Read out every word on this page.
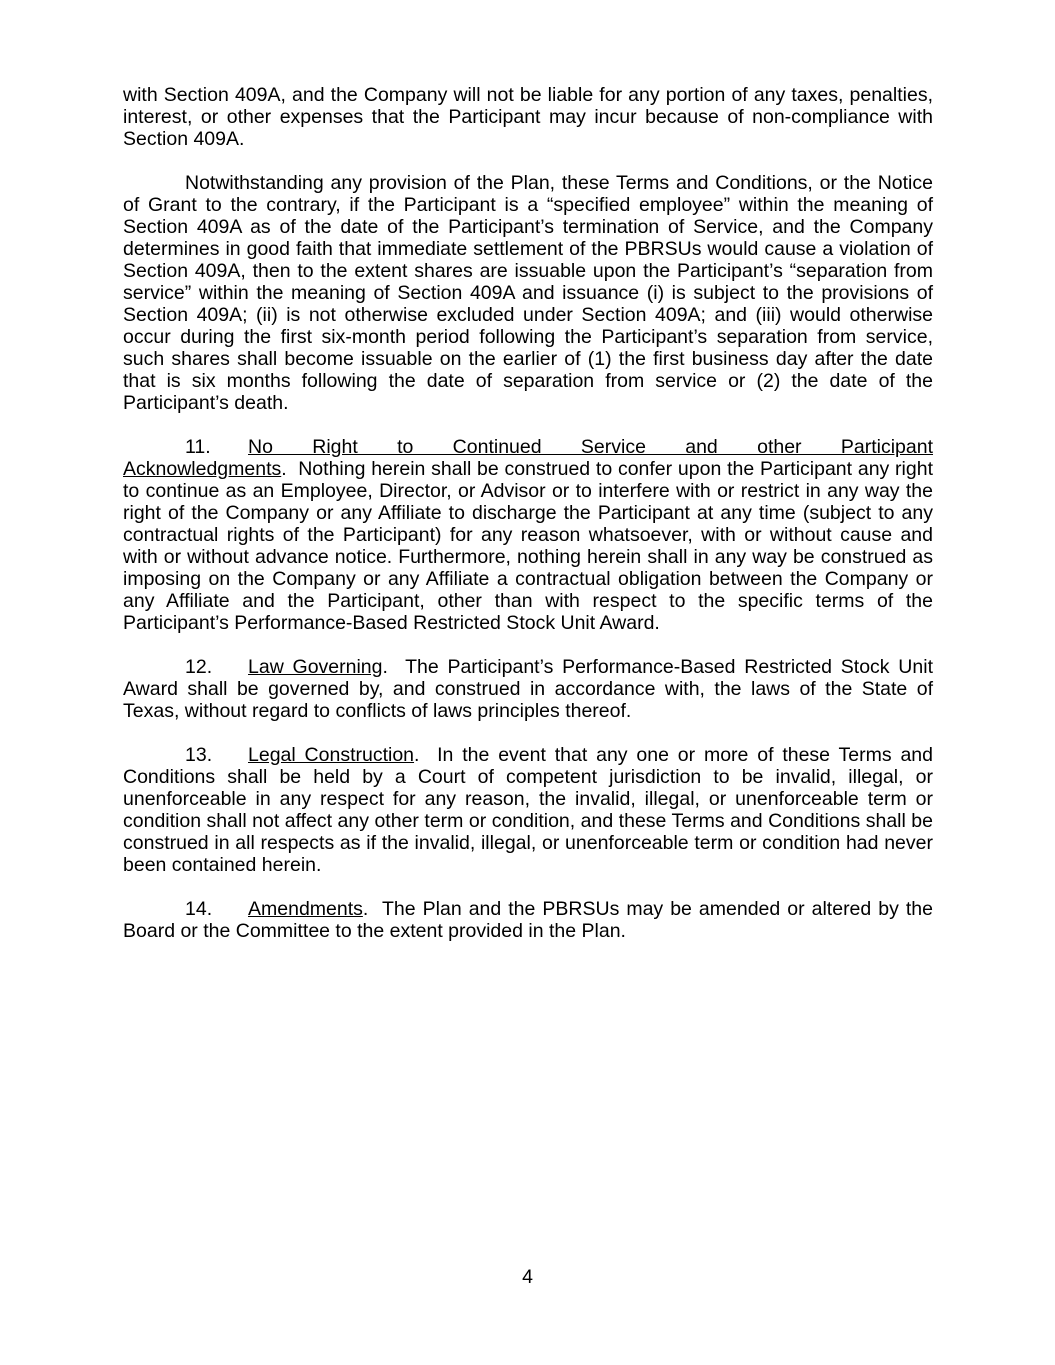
with Section 409A, and the Company will not be liable for any portion of any taxes, penalties, interest, or other expenses that the Participant may incur because of non-compliance with Section 409A.

Notwithstanding any provision of the Plan, these Terms and Conditions, or the Notice of Grant to the contrary, if the Participant is a “specified employee” within the meaning of Section 409A as of the date of the Participant’s termination of Service, and the Company determines in good faith that immediate settlement of the PBRSUs would cause a violation of Section 409A, then to the extent shares are issuable upon the Participant’s “separation from service” within the meaning of Section 409A and issuance (i) is subject to the provisions of Section 409A; (ii) is not otherwise excluded under Section 409A; and (iii) would otherwise occur during the first six-month period following the Participant’s separation from service, such shares shall become issuable on the earlier of (1) the first business day after the date that is six months following the date of separation from service or (2) the date of the Participant’s death.

11. No Right to Continued Service and other Participant Acknowledgments.  Nothing herein shall be construed to confer upon the Participant any right to continue as an Employee, Director, or Advisor or to interfere with or restrict in any way the right of the Company or any Affiliate to discharge the Participant at any time (subject to any contractual rights of the Participant) for any reason whatsoever, with or without cause and with or without advance notice. Furthermore, nothing herein shall in any way be construed as imposing on the Company or any Affiliate a contractual obligation between the Company or any Affiliate and the Participant, other than with respect to the specific terms of the Participant’s Performance-Based Restricted Stock Unit Award.

12. Law Governing.  The Participant’s Performance-Based Restricted Stock Unit Award shall be governed by, and construed in accordance with, the laws of the State of Texas, without regard to conflicts of laws principles thereof.

13. Legal Construction.  In the event that any one or more of these Terms and Conditions shall be held by a Court of competent jurisdiction to be invalid, illegal, or unenforceable in any respect for any reason, the invalid, illegal, or unenforceable term or condition shall not affect any other term or condition, and these Terms and Conditions shall be construed in all respects as if the invalid, illegal, or unenforceable term or condition had never been contained herein.

14. Amendments.  The Plan and the PBRSUs may be amended or altered by the Board or the Committee to the extent provided in the Plan.

4
